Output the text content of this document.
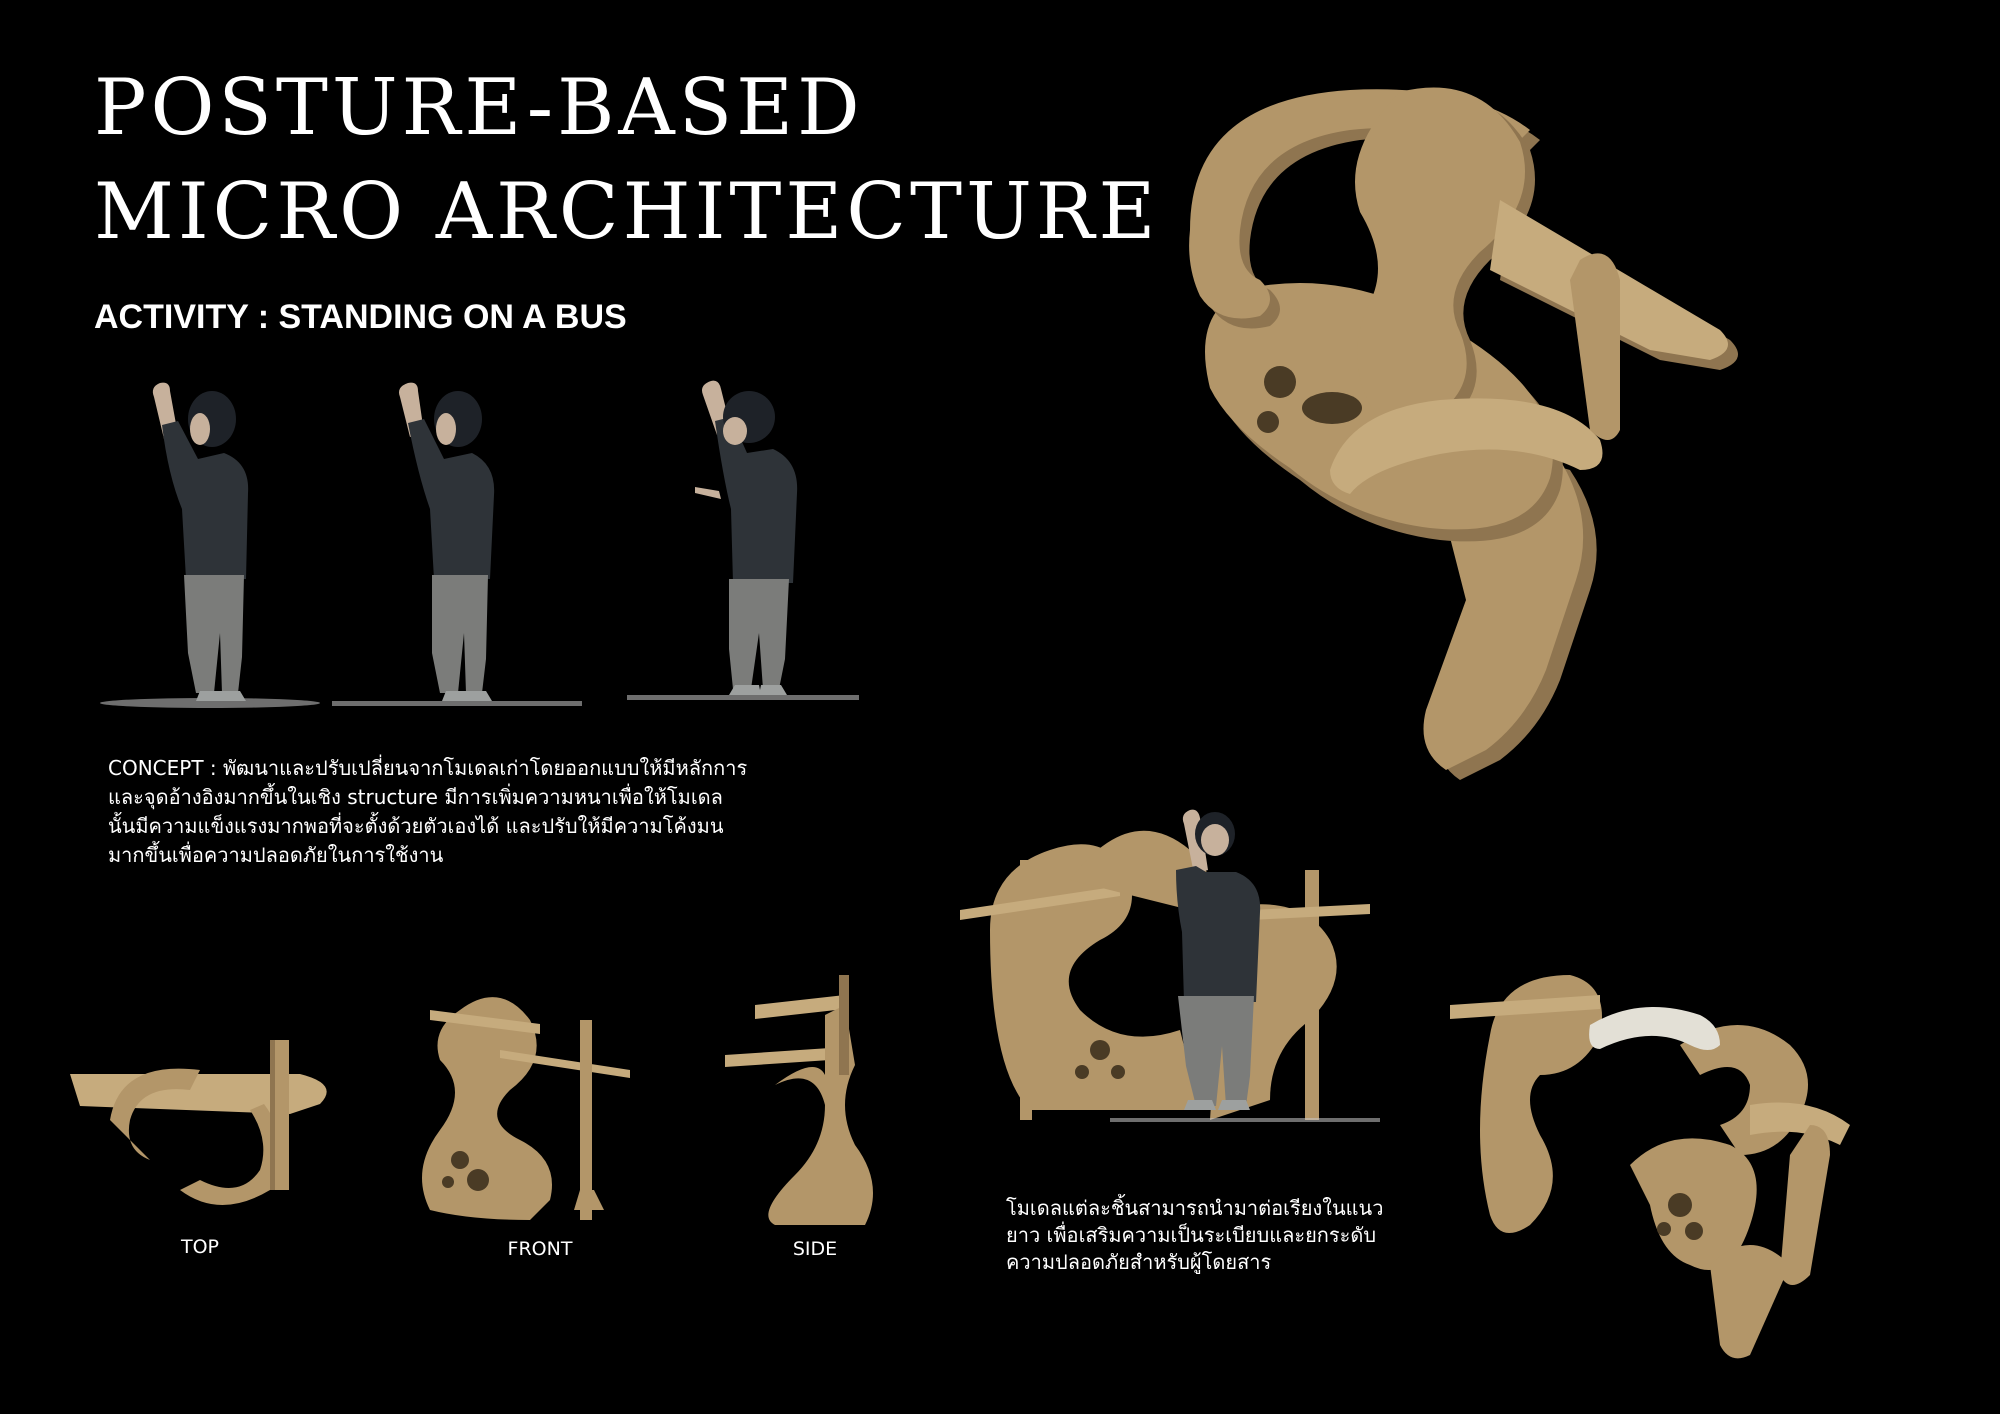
POSTURE-BASED
MICRO ARCHITECTURE
ACTIVITY : STANDING ON A BUS

CONCEPT : พัฒนาและปรับเปลี่ยนจากโมเดลเก่าโดยออกแบบให้มีหลักการและจุดอ้างอิงมากขึ้นในเชิง structure มีการเพิ่มความหนาเพื่อให้โมเดลนั้นมีความแข็งแรงมากพอที่จะตั้งด้วยตัวเองได้ และปรับให้มีความโค้งมนมากขึ้นเพื่อความปลอดภัยในการใช้งาน

TOP	FRONT	SIDE

โมเดลแต่ละชิ้นสามารถนำมาต่อเรียงในแนวยาว เพื่อเสริมความเป็นระเบียบและยกระดับความปลอดภัยสำหรับผู้โดยสาร
